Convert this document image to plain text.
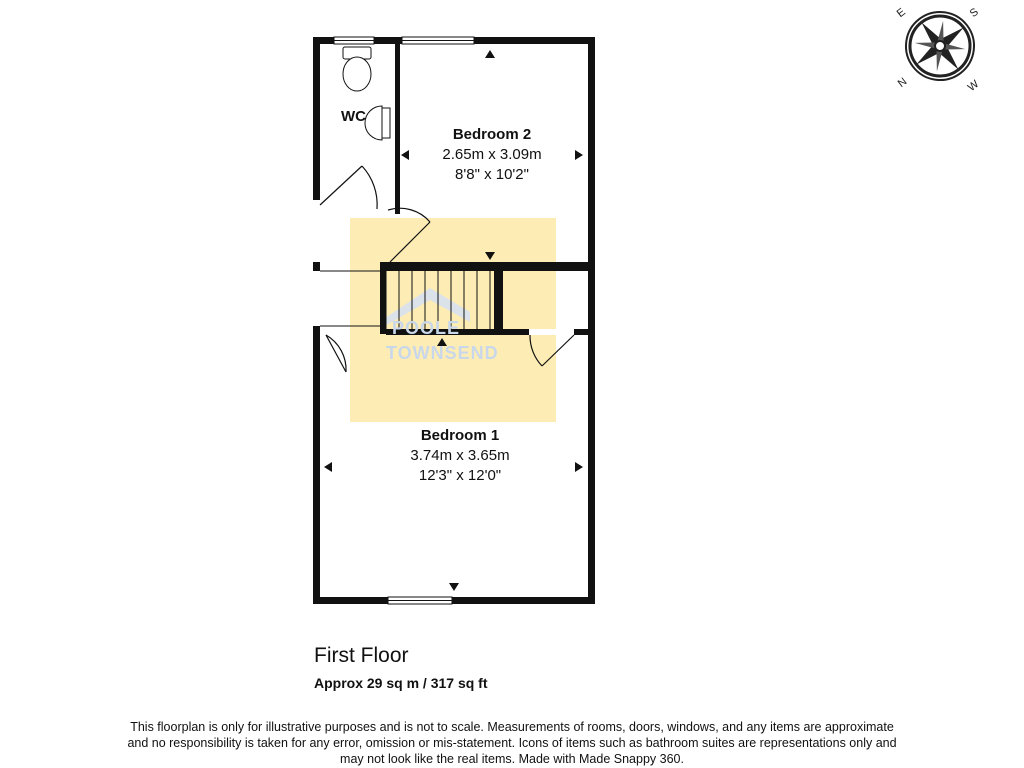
E	S
N	W
POOLE
TOWNSEND
WC
Bedroom 2
2.65m x 3.09m
8'8" x 10'2"
Bedroom 1
3.74m x 3.65m
12'3" x 12'0"
First Floor
Approx 29 sq m / 317 sq ft
This floorplan is only for illustrative purposes and is not to scale. Measurements of rooms, doors, windows, and any items are approximate
and no responsibility is taken for any error, omission or mis-statement. Icons of items such as bathroom suites are representations only and
may not look like the real items. Made with Made Snappy 360.
